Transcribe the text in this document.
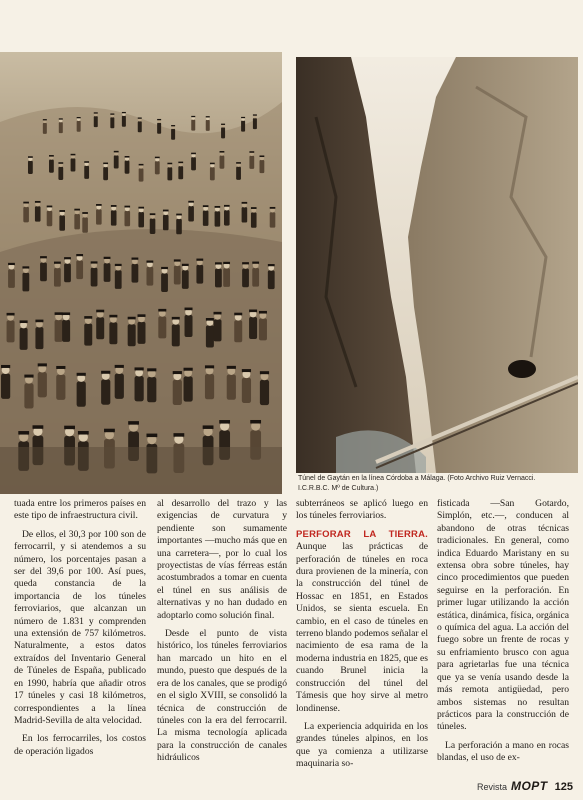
Túnel de Gaytán en la línea Córdoba a Málaga. (Foto Archivo Ruiz Vernacci. I.C.R.B.C. Mº de Cultura.)

tuada entre los primeros países en este tipo de infraestructura civil.

De ellos, el 30,3 por 100 son de ferrocarril, y si atendemos a su número, los porcentajes pasan a ser del 39,6 por 100. Así pues, queda constancia de la importancia de los túneles ferroviarios, que alcanzan un número de 1.831 y comprenden una extensión de 757 kilómetros. Naturalmente, a estos datos extraídos del Inventario General de Túneles de España, publicado en 1990, habría que añadir otros 17 túneles y casi 18 kilómetros, correspondientes a la línea Madrid-Sevilla de alta velocidad.

En los ferrocarriles, los costos de operación ligados

al desarrollo del trazo y las exigencias de curvatura y pendiente son sumamente importantes —mucho más que en una carretera—, por lo cual los proyectistas de vías férreas están acostumbrados a tomar en cuenta el túnel en sus análisis de alternativas y no han dudado en adoptarlo como solución final.

Desde el punto de vista histórico, los túneles ferroviarios han marcado un hito en el mundo, puesto que después de la era de los canales, que se prodigó en el siglo XVIII, se consolidó la técnica de construcción de túneles con la era del ferrocarril. La misma tecnología aplicada para la construcción de canales hidráulicos

subterráneos se aplicó luego en los túneles ferroviarios.

PERFORAR LA TIERRA. Aunque las prácticas de perforación de túneles en roca dura provienen de la minería, con la construcción del túnel de Hossac en 1851, en Estados Unidos, se sienta escuela. En cambio, en el caso de túneles en terreno blando podemos señalar el nacimiento de esa rama de la moderna industria en 1825, que es cuando Brunel inicia la construcción del túnel del Támesis que hoy sirve al metro londinense.

La experiencia adquirida en los grandes túneles alpinos, en los que ya comienza a utilizarse maquinaria so-

fisticada —San Gotardo, Simplón, etc.—, conducen al abandono de otras técnicas tradicionales. En general, como indica Eduardo Maristany en su extensa obra sobre túneles, hay cinco procedimientos que pueden seguirse en la perforación. En primer lugar utilizando la acción estática, dinámica, física, orgánica o química del agua. La acción del fuego sobre un frente de rocas y su enfriamiento brusco con agua para agrietarlas fue una técnica que ya se venía usando desde la más remota antigüedad, pero ambos sistemas no resultan prácticos para la construcción de túneles.

La perforación a mano en rocas blandas, el uso de ex-

Revista MOPT 125
